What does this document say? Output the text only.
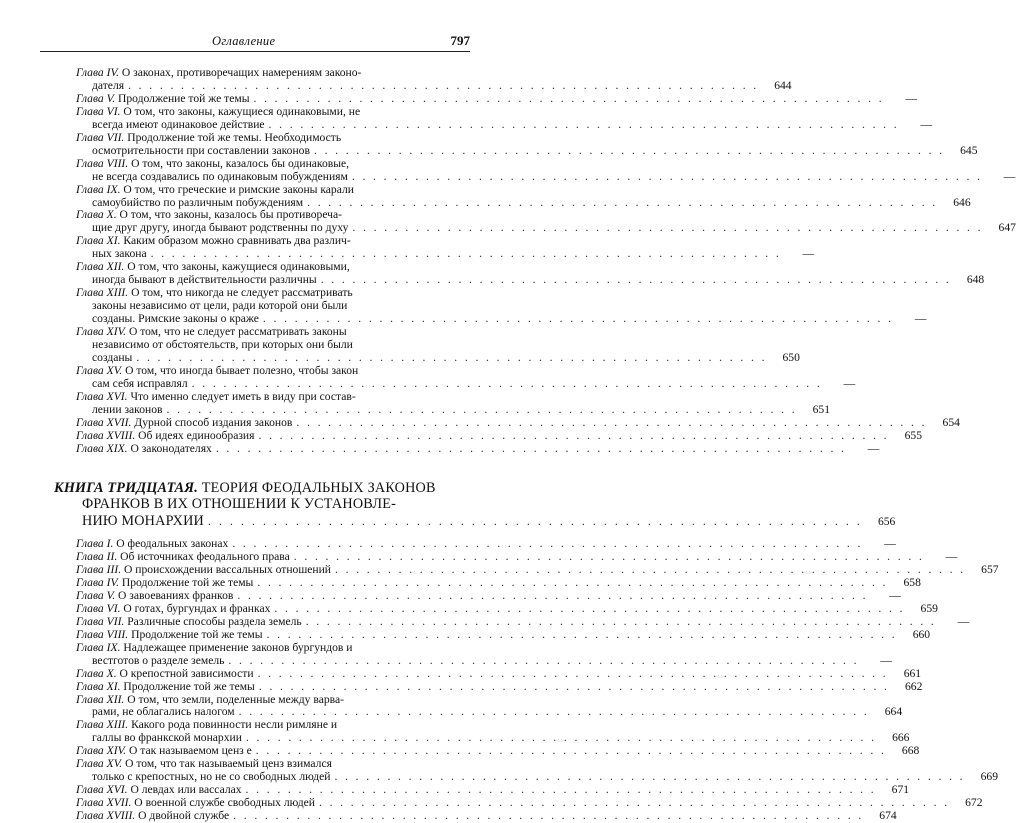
Оглавление	797
Глава IV. О законах, противоречащих намерениям законо-
дателя . . . . . . . . . . . . . . . . . . . . . . . . . . . . . . . . . . . . . . . . . . . . . . . . . . . . . . . . . . . .	644
Глава V. Продолжение той же темы . . . . . . . . . . . . . . . . . . . . . . . . . . . . . . . . . . . . . . . . . . . . . . . . . . . . . . . . . . . .	—
Глава VI. О том, что законы, кажущиеся одинаковыми, не
всегда имеют одинаковое действие . . . . . . . . . . . . . . . . . . . . . . . . . . . . . . . . . . . . . . . . . . . . . . . . . . . . . . . . . . . .	—
Глава VII. Продолжение той же темы. Необходимость
осмотрительности при составлении законов . . . . . . . . . . . . . . . . . . . . . . . . . . . . . . . . . . . . . . . . . . . . . . . . . . . . . . . . . . . .	645
Глава VIII. О том, что законы, казалось бы одинаковые,
не всегда создавались по одинаковым побуждениям . . . . . . . . . . . . . . . . . . . . . . . . . . . . . . . . . . . . . . . . . . . . . . . . . . . . . . . . . . . .	—
Глава IX. О том, что греческие и римские законы карали
самоубийство по различным побуждениям . . . . . . . . . . . . . . . . . . . . . . . . . . . . . . . . . . . . . . . . . . . . . . . . . . . . . . . . . . . .	646
Глава X. О том, что законы, казалось бы противореча-
щие друг другу, иногда бывают родственны по духу . . . . . . . . . . . . . . . . . . . . . . . . . . . . . . . . . . . . . . . . . . . . . . . . . . . . . . . . . . . .	647
Глава XI. Каким образом можно сравнивать два различ-
ных закона . . . . . . . . . . . . . . . . . . . . . . . . . . . . . . . . . . . . . . . . . . . . . . . . . . . . . . . . . . . .	—
Глава XII. О том, что законы, кажущиеся одинаковыми,
иногда бывают в действительности различны . . . . . . . . . . . . . . . . . . . . . . . . . . . . . . . . . . . . . . . . . . . . . . . . . . . . . . . . . . . .	648
Глава XIII. О том, что никогда не следует рассматривать
законы независимо от цели, ради которой они были
созданы. Римские законы о краже . . . . . . . . . . . . . . . . . . . . . . . . . . . . . . . . . . . . . . . . . . . . . . . . . . . . . . . . . . . .	—
Глава XIV. О том, что не следует рассматривать законы
независимо от обстоятельств, при которых они были
созданы . . . . . . . . . . . . . . . . . . . . . . . . . . . . . . . . . . . . . . . . . . . . . . . . . . . . . . . . . . . .	650
Глава XV. О том, что иногда бывает полезно, чтобы закон
сам себя исправлял . . . . . . . . . . . . . . . . . . . . . . . . . . . . . . . . . . . . . . . . . . . . . . . . . . . . . . . . . . . .	—
Глава XVI. Что именно следует иметь в виду при состав-
лении законов . . . . . . . . . . . . . . . . . . . . . . . . . . . . . . . . . . . . . . . . . . . . . . . . . . . . . . . . . . . .	651
Глава XVII. Дурной способ издания законов . . . . . . . . . . . . . . . . . . . . . . . . . . . . . . . . . . . . . . . . . . . . . . . . . . . . . . . . . . . .	654
Глава XVIII. Об идеях единообразия . . . . . . . . . . . . . . . . . . . . . . . . . . . . . . . . . . . . . . . . . . . . . . . . . . . . . . . . . . . .	655
Глава XIX. О законодателях . . . . . . . . . . . . . . . . . . . . . . . . . . . . . . . . . . . . . . . . . . . . . . . . . . . . . . . . . . . .	—
КНИГА ТРИДЦАТАЯ. ТЕОРИЯ ФЕОДАЛЬНЫХ ЗАКОНОВ
ФРАНКОВ В ИХ ОТНОШЕНИИ К УСТАНОВЛЕ-
НИЮ МОНАРХИИ . . . . . . . . . . . . . . . . . . . . . . . . . . . . . . . . . . . . . . . . . . . . . . . . . . . . . . . . . . . .	656
Глава I. О феодальных законах . . . . . . . . . . . . . . . . . . . . . . . . . . . . . . . . . . . . . . . . . . . . . . . . . . . . . . . . . . . .	—
Глава II. Об источниках феодального права . . . . . . . . . . . . . . . . . . . . . . . . . . . . . . . . . . . . . . . . . . . . . . . . . . . . . . . . . . . .	—
Глава III. О происхождении вассальных отношений . . . . . . . . . . . . . . . . . . . . . . . . . . . . . . . . . . . . . . . . . . . . . . . . . . . . . . . . . . . .	657
Глава IV. Продолжение той же темы . . . . . . . . . . . . . . . . . . . . . . . . . . . . . . . . . . . . . . . . . . . . . . . . . . . . . . . . . . . .	658
Глава V. О завоеваниях франков . . . . . . . . . . . . . . . . . . . . . . . . . . . . . . . . . . . . . . . . . . . . . . . . . . . . . . . . . . . .	—
Глава VI. О готах, бургундах и франках . . . . . . . . . . . . . . . . . . . . . . . . . . . . . . . . . . . . . . . . . . . . . . . . . . . . . . . . . . . .	659
Глава VII. Различные способы раздела земель . . . . . . . . . . . . . . . . . . . . . . . . . . . . . . . . . . . . . . . . . . . . . . . . . . . . . . . . . . . .	—
Глава VIII. Продолжение той же темы . . . . . . . . . . . . . . . . . . . . . . . . . . . . . . . . . . . . . . . . . . . . . . . . . . . . . . . . . . . .	660
Глава IX. Надлежащее применение законов бургундов и
вестготов о разделе земель . . . . . . . . . . . . . . . . . . . . . . . . . . . . . . . . . . . . . . . . . . . . . . . . . . . . . . . . . . . .	—
Глава X. О крепостной зависимости . . . . . . . . . . . . . . . . . . . . . . . . . . . . . . . . . . . . . . . . . . . . . . . . . . . . . . . . . . . .	661
Глава XI. Продолжение той же темы . . . . . . . . . . . . . . . . . . . . . . . . . . . . . . . . . . . . . . . . . . . . . . . . . . . . . . . . . . . .	662
Глава XII. О том, что земли, поделенные между варва-
рами, не облагались налогом . . . . . . . . . . . . . . . . . . . . . . . . . . . . . . . . . . . . . . . . . . . . . . . . . . . . . . . . . . . .	664
Глава XIII. Какого рода повинности несли римляне и
галлы во франкской монархии . . . . . . . . . . . . . . . . . . . . . . . . . . . . . . . . . . . . . . . . . . . . . . . . . . . . . . . . . . . .	666
Глава XIV. О так называемом ценз е . . . . . . . . . . . . . . . . . . . . . . . . . . . . . . . . . . . . . . . . . . . . . . . . . . . . . . . . . . . .	668
Глава XV. О том, что так называемый ценз взимался
только с крепостных, но не со свободных людей . . . . . . . . . . . . . . . . . . . . . . . . . . . . . . . . . . . . . . . . . . . . . . . . . . . . . . . . . . . .	669
Глава XVI. О левдах или вассалах . . . . . . . . . . . . . . . . . . . . . . . . . . . . . . . . . . . . . . . . . . . . . . . . . . . . . . . . . . . .	671
Глава XVII. О военной службе свободных людей . . . . . . . . . . . . . . . . . . . . . . . . . . . . . . . . . . . . . . . . . . . . . . . . . . . . . . . . . . . .	672
Глава XVIII. О двойной службе . . . . . . . . . . . . . . . . . . . . . . . . . . . . . . . . . . . . . . . . . . . . . . . . . . . . . . . . . . . .	674
